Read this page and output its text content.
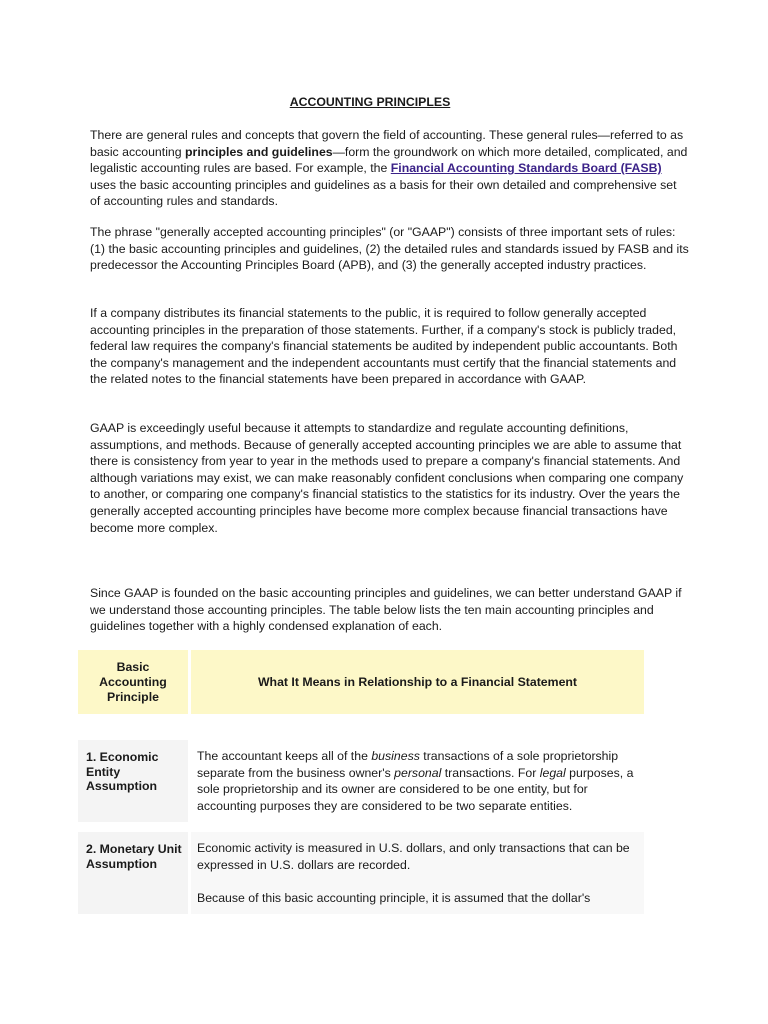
ACCOUNTING PRINCIPLES

There are general rules and concepts that govern the field of accounting. These general rules—referred to as basic accounting principles and guidelines—form the groundwork on which more detailed, complicated, and legalistic accounting rules are based. For example, the Financial Accounting Standards Board (FASB) uses the basic accounting principles and guidelines as a basis for their own detailed and comprehensive set of accounting rules and standards.

The phrase "generally accepted accounting principles" (or "GAAP") consists of three important sets of rules: (1) the basic accounting principles and guidelines, (2) the detailed rules and standards issued by FASB and its predecessor the Accounting Principles Board (APB), and (3) the generally accepted industry practices.

If a company distributes its financial statements to the public, it is required to follow generally accepted accounting principles in the preparation of those statements. Further, if a company's stock is publicly traded, federal law requires the company's financial statements be audited by independent public accountants. Both the company's management and the independent accountants must certify that the financial statements and the related notes to the financial statements have been prepared in accordance with GAAP.

GAAP is exceedingly useful because it attempts to standardize and regulate accounting definitions, assumptions, and methods. Because of generally accepted accounting principles we are able to assume that there is consistency from year to year in the methods used to prepare a company's financial statements. And although variations may exist, we can make reasonably confident conclusions when comparing one company to another, or comparing one company's financial statistics to the statistics for its industry. Over the years the generally accepted accounting principles have become more complex because financial transactions have become more complex.

Since GAAP is founded on the basic accounting principles and guidelines, we can better understand GAAP if we understand those accounting principles. The table below lists the ten main accounting principles and guidelines together with a highly condensed explanation of each.

Basic Accounting Principle	What It Means in Relationship to a Financial Statement

1. Economic Entity Assumption	The accountant keeps all of the business transactions of a sole proprietorship separate from the business owner's personal transactions. For legal purposes, a sole proprietorship and its owner are considered to be one entity, but for accounting purposes they are considered to be two separate entities.

2. Monetary Unit Assumption	Economic activity is measured in U.S. dollars, and only transactions that can be expressed in U.S. dollars are recorded.

Because of this basic accounting principle, it is assumed that the dollar's
